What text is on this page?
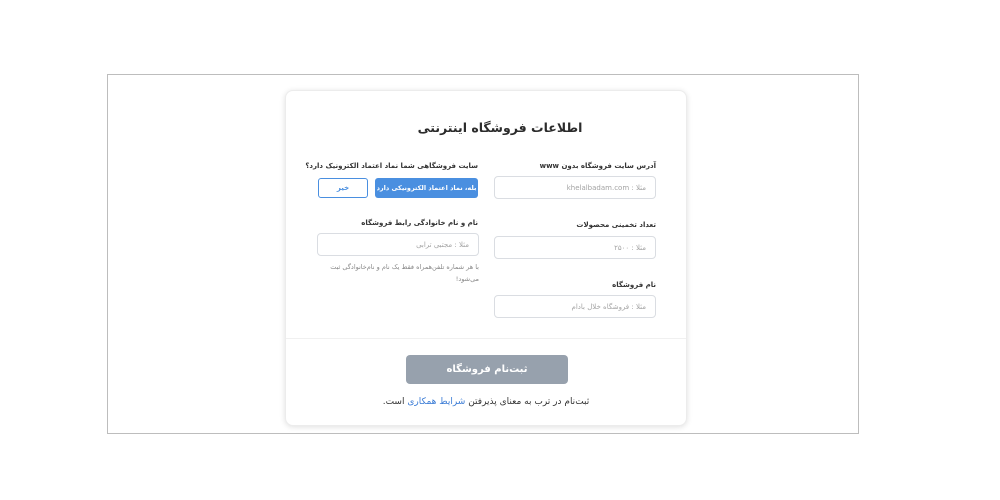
اطلاعات فروشگاه اینترنتی
آدرس سایت فروشگاه بدون www
مثلا : khelalbadam.com
سایت فروشگاهی شما نماد اعتماد الکترونیک دارد؟
بله، نماد اعتماد الکترونیکی دارد
خیر
تعداد تخمینی محصولات
مثلا : ۲۵۰۰
نام و نام خانوادگی رابط فروشگاه
مثلا : مجتبی ترابی
با هر شماره تلفن‌همراه فقط یک نام و نام‌خانوادگی ثبت می‌شود!
نام فروشگاه
مثلا : فروشگاه خلال بادام
ثبت‌نام فروشگاه
ثبت‌نام در ترب به معنای پذیرفتن شرایط همکاری است.
